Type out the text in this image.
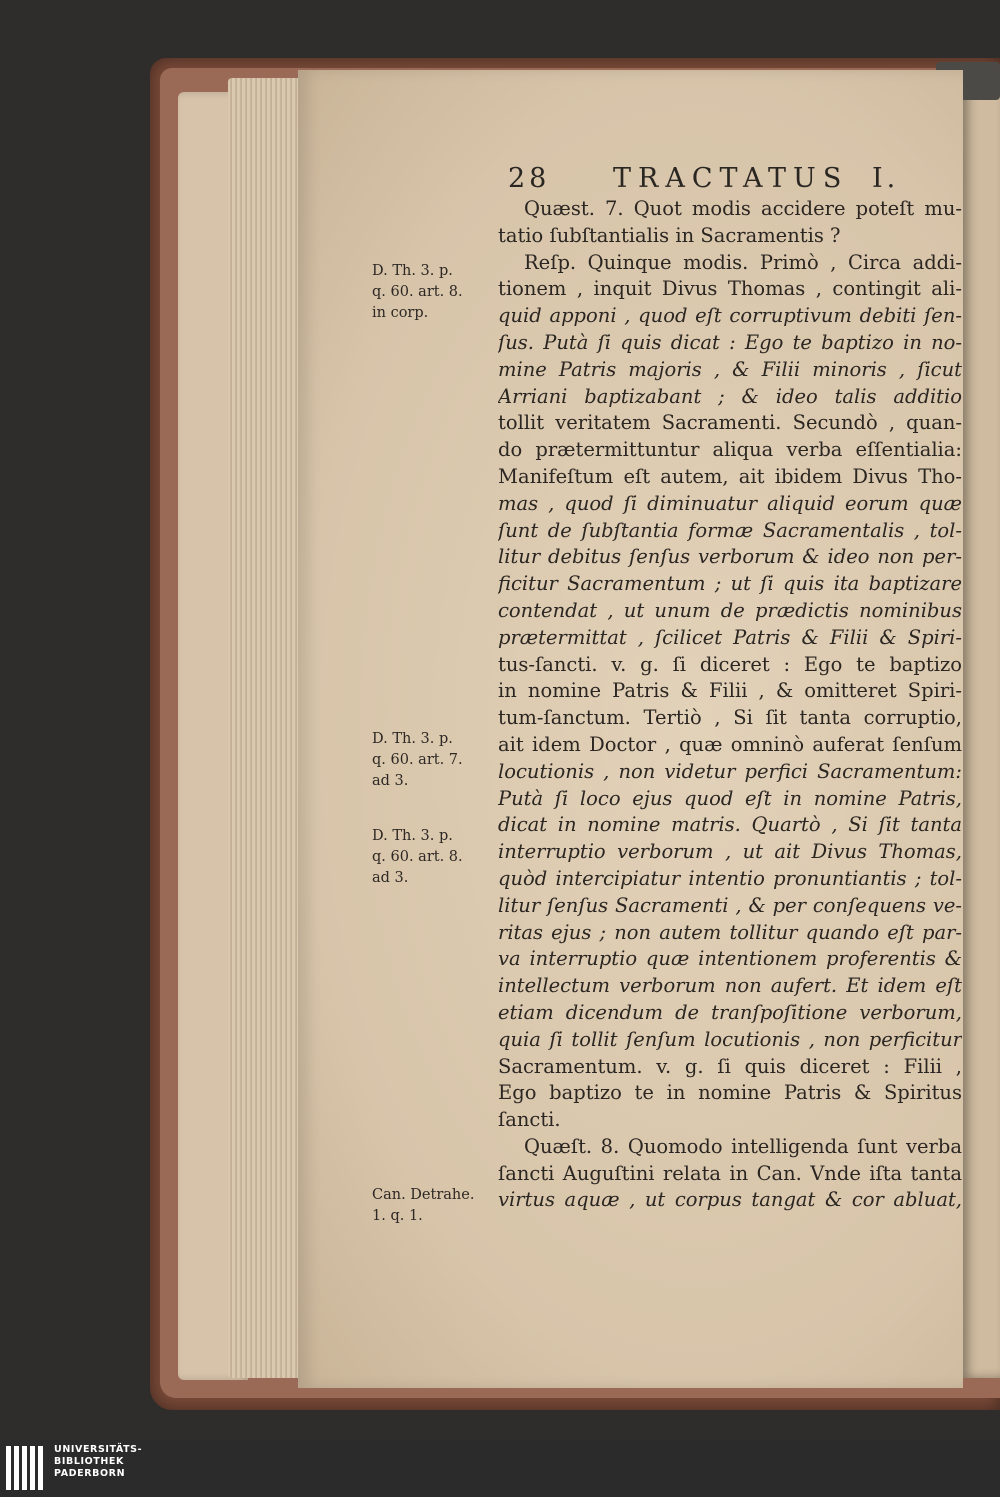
28 TRACTATUS I.
Quæst. 7. Quot modis accidere poteſt mu-
tatio ſubſtantialis in Sacramentis ?
Reſp. Quinque modis. Primò , Circa addi-
tionem , inquit Divus Thomas , contingit ali-
quid apponi , quod eſt corruptivum debiti ſen-
ſus. Putà ſi quis dicat : Ego te baptizo in no-
mine Patris majoris , & Filii minoris , ſicut
Arriani baptizabant ; & ideo talis additio
tollit veritatem Sacramenti. Secundò , quan-
do prætermittuntur aliqua verba eſſentialia:
Manifeſtum eſt autem, ait ibidem Divus Tho-
mas , quod ſi diminuatur aliquid eorum quæ
ſunt de ſubſtantia formæ Sacramentalis , tol-
litur debitus ſenſus verborum & ideo non per-
ficitur Sacramentum ; ut ſi quis ita baptizare
contendat , ut unum de prædictis nominibus
prætermittat , ſcilicet Patris & Filii & Spiri-
tus-ſancti. v. g. ſi diceret : Ego te baptizo
in nomine Patris & Filii , & omitteret Spiri-
tum-ſanctum. Tertiò , Si ſit tanta corruptio,
ait idem Doctor , quæ omninò auferat ſenſum
locutionis , non videtur perfici Sacramentum:
Putà ſi loco ejus quod eſt in nomine Patris,
dicat in nomine matris. Quartò , Si ſit tanta
interruptio verborum , ut ait Divus Thomas,
quòd intercipiatur intentio pronuntiantis ; tol-
litur ſenſus Sacramenti , & per conſequens ve-
ritas ejus ; non autem tollitur quando eſt par-
va interruptio quæ intentionem proferentis &
intellectum verborum non aufert. Et idem eſt
etiam dicendum de tranſpoſitione verborum,
quia ſi tollit ſenſum locutionis , non perficitur
Sacramentum. v. g. ſi quis diceret : Filii ,
Ego baptizo te in nomine Patris & Spiritus
ſancti.
Quæſt. 8. Quomodo intelligenda ſunt verba
ſancti Auguſtini relata in Can. Vnde iſta tanta
virtus aquæ , ut corpus tangat & cor abluat,
D. Th. 3. p.
q. 60. art. 8.
in corp.
D. Th. 3. p.
q. 60. art. 7.
ad 3.
D. Th. 3. p.
q. 60. art. 8.
ad 3.
Can. Detrahe.
1. q. 1.
UNIVERSITÄTS-
BIBLIOTHEK
PADERBORN
